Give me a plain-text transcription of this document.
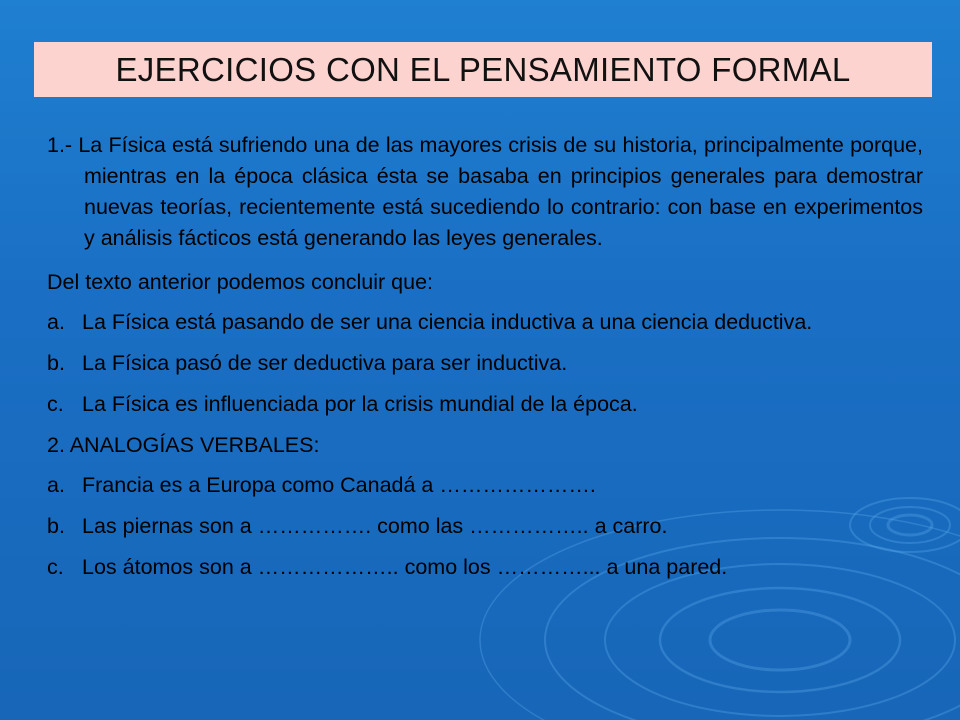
EJERCICIOS CON EL PENSAMIENTO FORMAL

1.- La Física está sufriendo una de las mayores crisis de su historia, principalmente porque, mientras en la época clásica ésta se basaba en principios generales para demostrar nuevas teorías, recientemente está sucediendo lo contrario: con base en experimentos y análisis fácticos está generando las leyes generales.

Del texto anterior podemos concluir que:

a. La Física está pasando de ser una ciencia inductiva a una ciencia deductiva.
b. La Física pasó de ser deductiva para ser inductiva.
c. La Física es influenciada por la crisis mundial de la época.

2. ANALOGÍAS VERBALES:

a. Francia es a Europa como Canadá a ………………….
b. Las piernas son a ……………. como las …………….. a carro.
c. Los átomos son a ……………….. como los …………... a una pared.
